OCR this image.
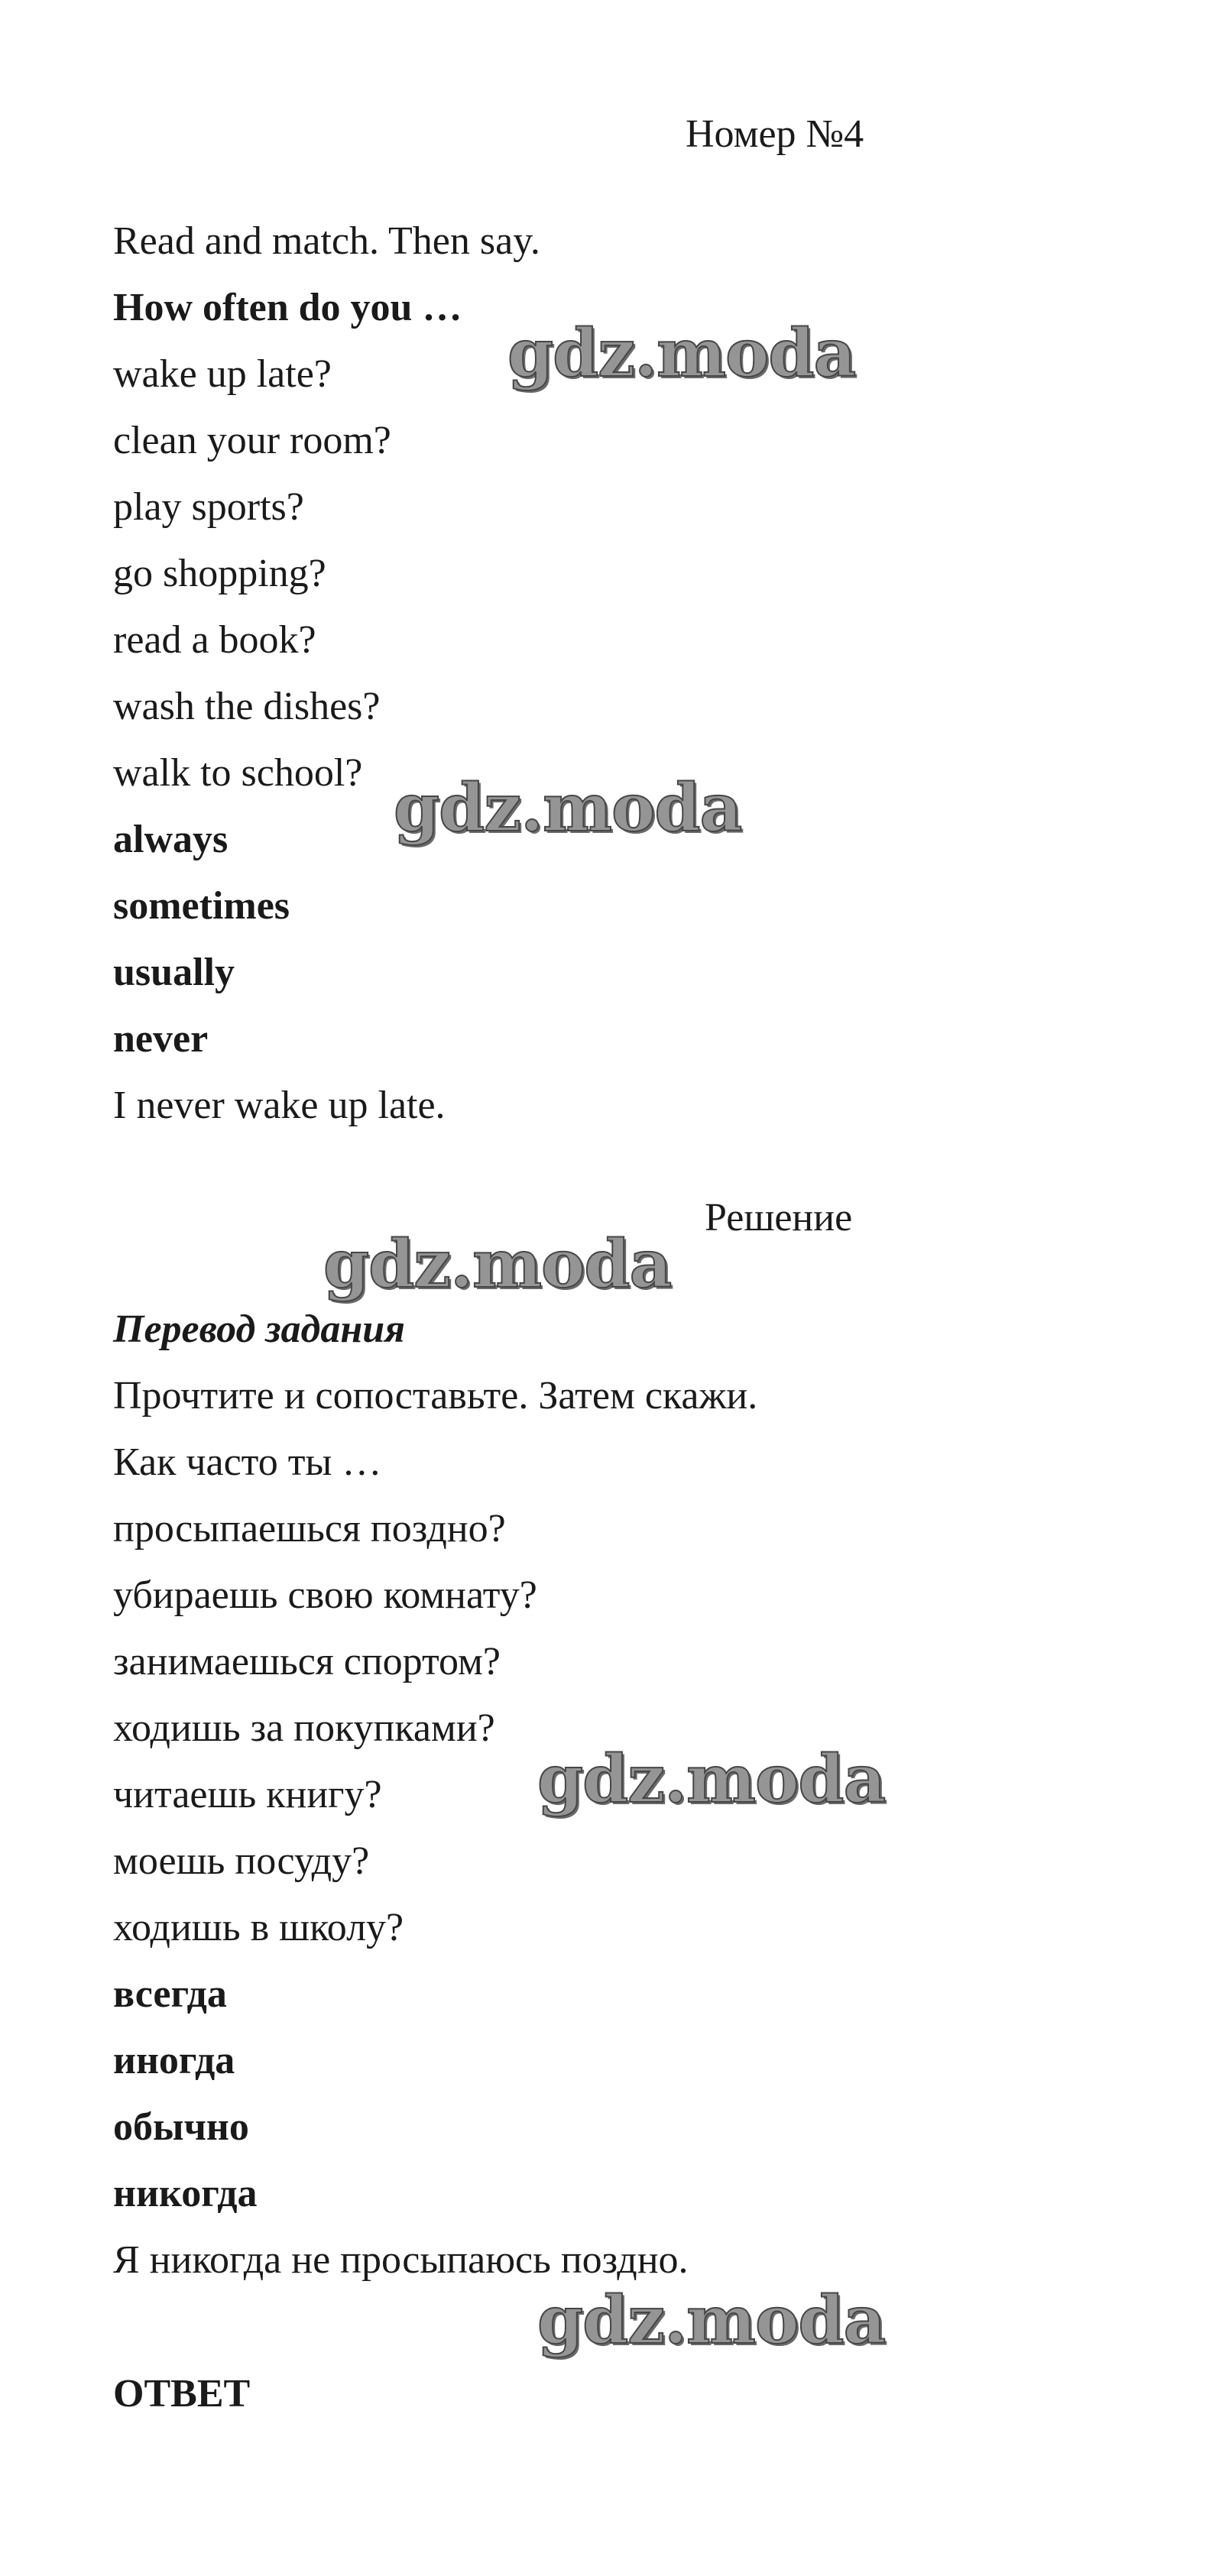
Номер №4
Read and match. Then say.
How often do you …
wake up late?
clean your room?
play sports?
go shopping?
read a book?
wash the dishes?
walk to school?
always
sometimes
usually
never
I never wake up late.
Решение
Перевод задания
Прочтите и сопоставьте. Затем скажи.
Как часто ты …
просыпаешься поздно?
убираешь свою комнату?
занимаешься спортом?
ходишь за покупками?
читаешь книгу?
моешь посуду?
ходишь в школу?
всегда
иногда
обычно
никогда
Я никогда не просыпаюсь поздно.
ОТВЕТ
gdz.moda
gdz.moda
gdz.moda
gdz.moda
gdz.moda
